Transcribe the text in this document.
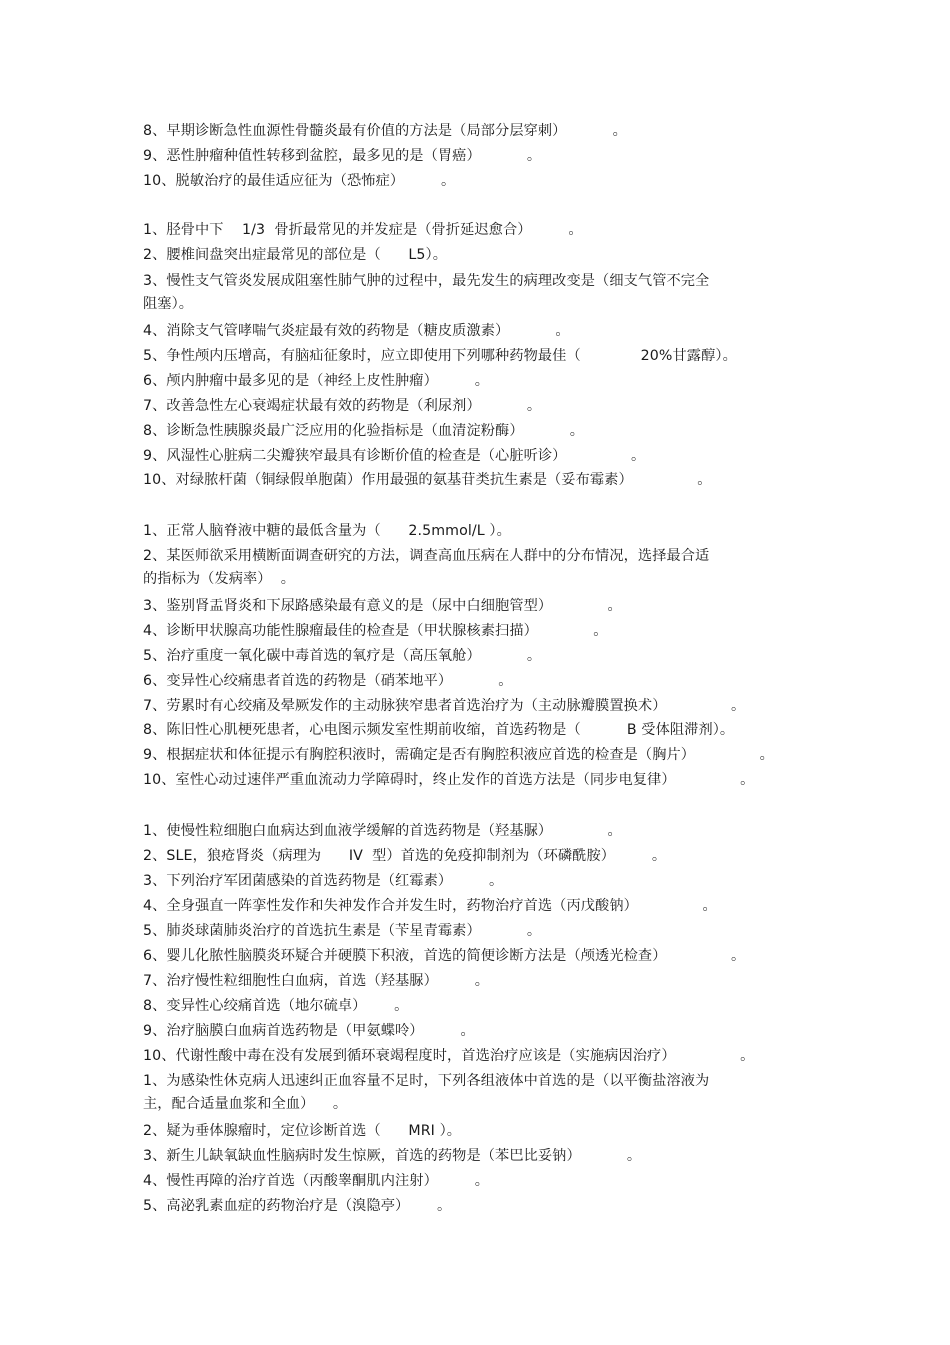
8、早期诊断急性血源性骨髓炎最有价值的方法是（局部分层穿刺）          。
9、恶性肿瘤种值性转移到盆腔，最多见的是（胃癌）          。
10、脱敏治疗的最佳适应征为（恐怖症）        。
1、胫骨中下    1/3  骨折最常见的并发症是（骨折延迟愈合）        。
2、腰椎间盘突出症最常见的部位是（      L5）。
3、慢性支气管炎发展成阻塞性肺气肿的过程中，最先发生的病理改变是（细支气管不完全
阻塞）。
4、消除支气管哮喘气炎症最有效的药物是（糖皮质激素）          。
5、争性颅内压增高，有脑疝征象时，应立即使用下列哪种药物最佳（             20%甘露醇）。
6、颅内肿瘤中最多见的是（神经上皮性肿瘤）        。
7、改善急性左心衰竭症状最有效的药物是（利尿剂）          。
8、诊断急性胰腺炎最广泛应用的化验指标是（血清淀粉酶）          。
9、风湿性心脏病二尖瓣狭窄最具有诊断价值的检查是（心脏听诊）              。
10、对绿脓杆菌（铜绿假单胞菌）作用最强的氨基苷类抗生素是（妥布霉素）              。
1、正常人脑脊液中糖的最低含量为（      2.5mmol/L ）。
2、某医师欲采用横断面调查研究的方法，调查高血压病在人群中的分布情况，选择最合适
的指标为（发病率）  。
3、鉴别肾盂肾炎和下尿路感染最有意义的是（尿中白细胞管型）            。
4、诊断甲状腺高功能性腺瘤最佳的检查是（甲状腺核素扫描）            。
5、治疗重度一氧化碳中毒首选的氧疗是（高压氧舱）          。
6、变异性心绞痛患者首选的药物是（硝苯地平）          。
7、劳累时有心绞痛及晕厥发作的主动脉狭窄患者首选治疗为（主动脉瓣膜置换术）              。
8、陈旧性心肌梗死患者，心电图示频发室性期前收缩，首选药物是（          B 受体阻滞剂）。
9、根据症状和体征提示有胸腔积液时，需确定是否有胸腔积液应首选的检查是（胸片）              。
10、室性心动过速伴严重血流动力学障碍时，终止发作的首选方法是（同步电复律）              。
1、使慢性粒细胞白血病达到血液学缓解的首选药物是（羟基脲）            。
2、SLE，狼疮肾炎（病理为      IV  型）首选的免疫抑制剂为（环磷酰胺）        。
3、下列治疗军团菌感染的首选药物是（红霉素）        。
4、全身强直一阵挛性发作和失神发作合并发生时，药物治疗首选（丙戊酸钠）              。
5、肺炎球菌肺炎治疗的首选抗生素是（苄星青霉素）          。
6、婴儿化脓性脑膜炎环疑合并硬膜下积液，首选的简便诊断方法是（颅透光检查）              。
7、治疗慢性粒细胞性白血病，首选（羟基脲）        。
8、变异性心绞痛首选（地尔硫卓）      。
9、治疗脑膜白血病首选药物是（甲氨蝶呤）        。
10、代谢性酸中毒在没有发展到循环衰竭程度时，首选治疗应该是（实施病因治疗）              。
1、为感染性休克病人迅速纠正血容量不足时，下列各组液体中首选的是（以平衡盐溶液为
主，配合适量血浆和全血）    。
2、疑为垂体腺瘤时，定位诊断首选（      MRI ）。
3、新生儿缺氧缺血性脑病时发生惊厥，首选的药物是（苯巴比妥钠）          。
4、慢性再障的治疗首选（丙酸睾酮肌内注射）        。
5、高泌乳素血症的药物治疗是（溴隐亭）      。
